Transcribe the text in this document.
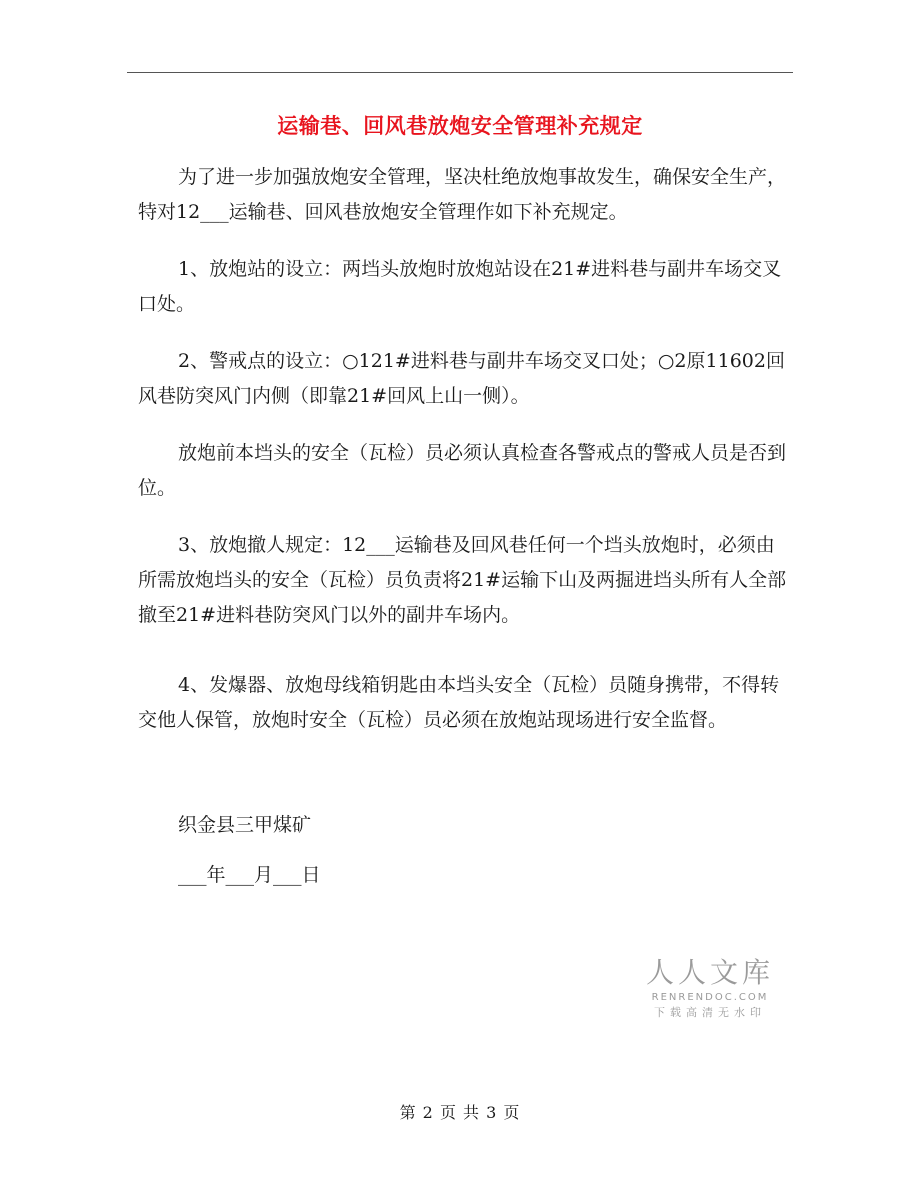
运输巷、回风巷放炮安全管理补充规定

为了进一步加强放炮安全管理，坚决杜绝放炮事故发生，确保安全生产，特对12___运输巷、回风巷放炮安全管理作如下补充规定。

1、放炮站的设立：两垱头放炮时放炮站设在21#进料巷与副井车场交叉口处。

2、警戒点的设立：○121#进料巷与副井车场交叉口处；○2原11602回风巷防突风门内侧（即靠21#回风上山一侧）。

放炮前本垱头的安全（瓦检）员必须认真检查各警戒点的警戒人员是否到位。

3、放炮撤人规定：12___运输巷及回风巷任何一个垱头放炮时，必须由所需放炮垱头的安全（瓦检）员负责将21#运输下山及两掘进垱头所有人全部撤至21#进料巷防突风门以外的副井车场内。

4、发爆器、放炮母线箱钥匙由本垱头安全（瓦检）员随身携带，不得转交他人保管，放炮时安全（瓦检）员必须在放炮站现场进行安全监督。

织金县三甲煤矿

___年___月___日

人人文库
RENRENDOC.COM
下载高清无水印
第 2 页 共 3 页
